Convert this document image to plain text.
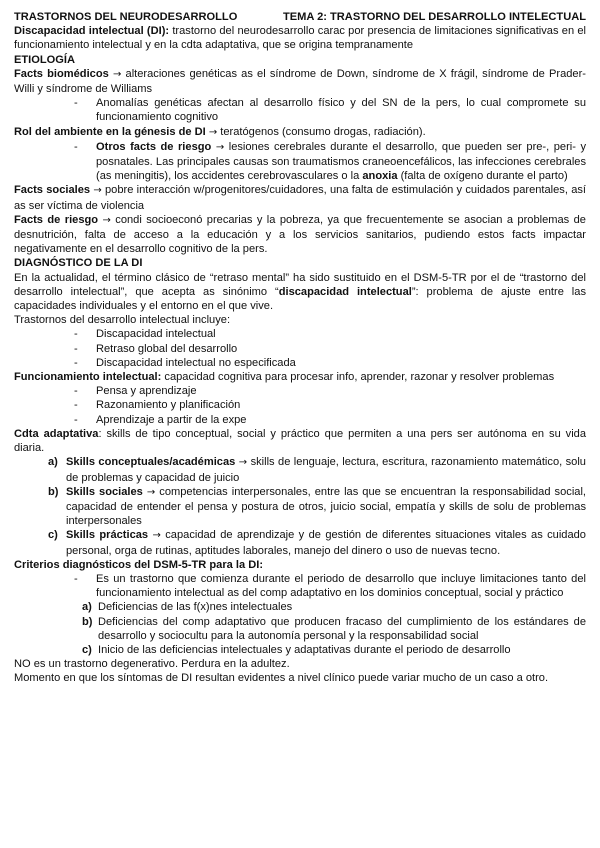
TRASTORNOS DEL NEURODESARROLLO	TEMA 2: TRASTORNO DEL DESARROLLO INTELECTUAL

Discapacidad intelectual (DI): trastorno del neurodesarrollo carac por presencia de limitaciones significativas en el funcionamiento intelectual y en la cdta adaptativa, que se origina tempranamente

ETIOLOGÍA

Facts biomédicos → alteraciones genéticas as el síndrome de Down, síndrome de X frágil, síndrome de Prader-Willi y síndrome de Williams

- Anomalías genéticas afectan al desarrollo físico y del SN de la pers, lo cual compromete su funcionamiento cognitivo

Rol del ambiente en la génesis de DI → teratógenos (consumo drogas, radiación).

- Otros facts de riesgo → lesiones cerebrales durante el desarrollo, que pueden ser pre-, peri- y posnatales. Las principales causas son traumatismos craneoencefálicos, las infecciones cerebrales (as meningitis), los accidentes cerebrovasculares o la anoxia (falta de oxígeno durante el parto)

Facts sociales → pobre interacción w/progenitores/cuidadores, una falta de estimulación y cuidados parentales, así as ser víctima de violencia

Facts de riesgo → condi socioeconó precarias y la pobreza, ya que frecuentemente se asocian a problemas de desnutrición, falta de acceso a la educación y a los servicios sanitarios, pudiendo estos facts impactar negativamente en el desarrollo cognitivo de la pers.

DIAGNÓSTICO DE LA DI

En la actualidad, el término clásico de “retraso mental” ha sido sustituido en el DSM-5-TR por el de “trastorno del desarrollo intelectual”, que acepta as sinónimo “discapacidad intelectual”: problema de ajuste entre las capacidades individuales y el entorno en el que vive.

Trastornos del desarrollo intelectual incluye:

- Discapacidad intelectual
- Retraso global del desarrollo
- Discapacidad intelectual no especificada

Funcionamiento intelectual: capacidad cognitiva para procesar info, aprender, razonar y resolver problemas

- Pensa y aprendizaje
- Razonamiento y planificación
- Aprendizaje a partir de la expe

Cdta adaptativa: skills de tipo conceptual, social y práctico que permiten a una pers ser autónoma en su vida diaria.

a) Skills conceptuales/académicas → skills de lenguaje, lectura, escritura, razonamiento matemático, solu de problemas y capacidad de juicio
b) Skills sociales → competencias interpersonales, entre las que se encuentran la responsabilidad social, capacidad de entender el pensa y postura de otros, juicio social, empatía y skills de solu de problemas interpersonales
c) Skills prácticas → capacidad de aprendizaje y de gestión de diferentes situaciones vitales as cuidado personal, orga de rutinas, aptitudes laborales, manejo del dinero o uso de nuevas tecno.

Criterios diagnósticos del DSM-5-TR para la DI:

- Es un trastorno que comienza durante el periodo de desarrollo que incluye limitaciones tanto del funcionamiento intelectual as del comp adaptativo en los dominios conceptual, social y práctico
a) Deficiencias de las f(x)nes intelectuales
b) Deficiencias del comp adaptativo que producen fracaso del cumplimiento de los estándares de desarrollo y sociocultu para la autonomía personal y la responsabilidad social
c) Inicio de las deficiencias intelectuales y adaptativas durante el periodo de desarrollo

NO es un trastorno degenerativo. Perdura en la adultez.

Momento en que los síntomas de DI resultan evidentes a nivel clínico puede variar mucho de un caso a otro.
